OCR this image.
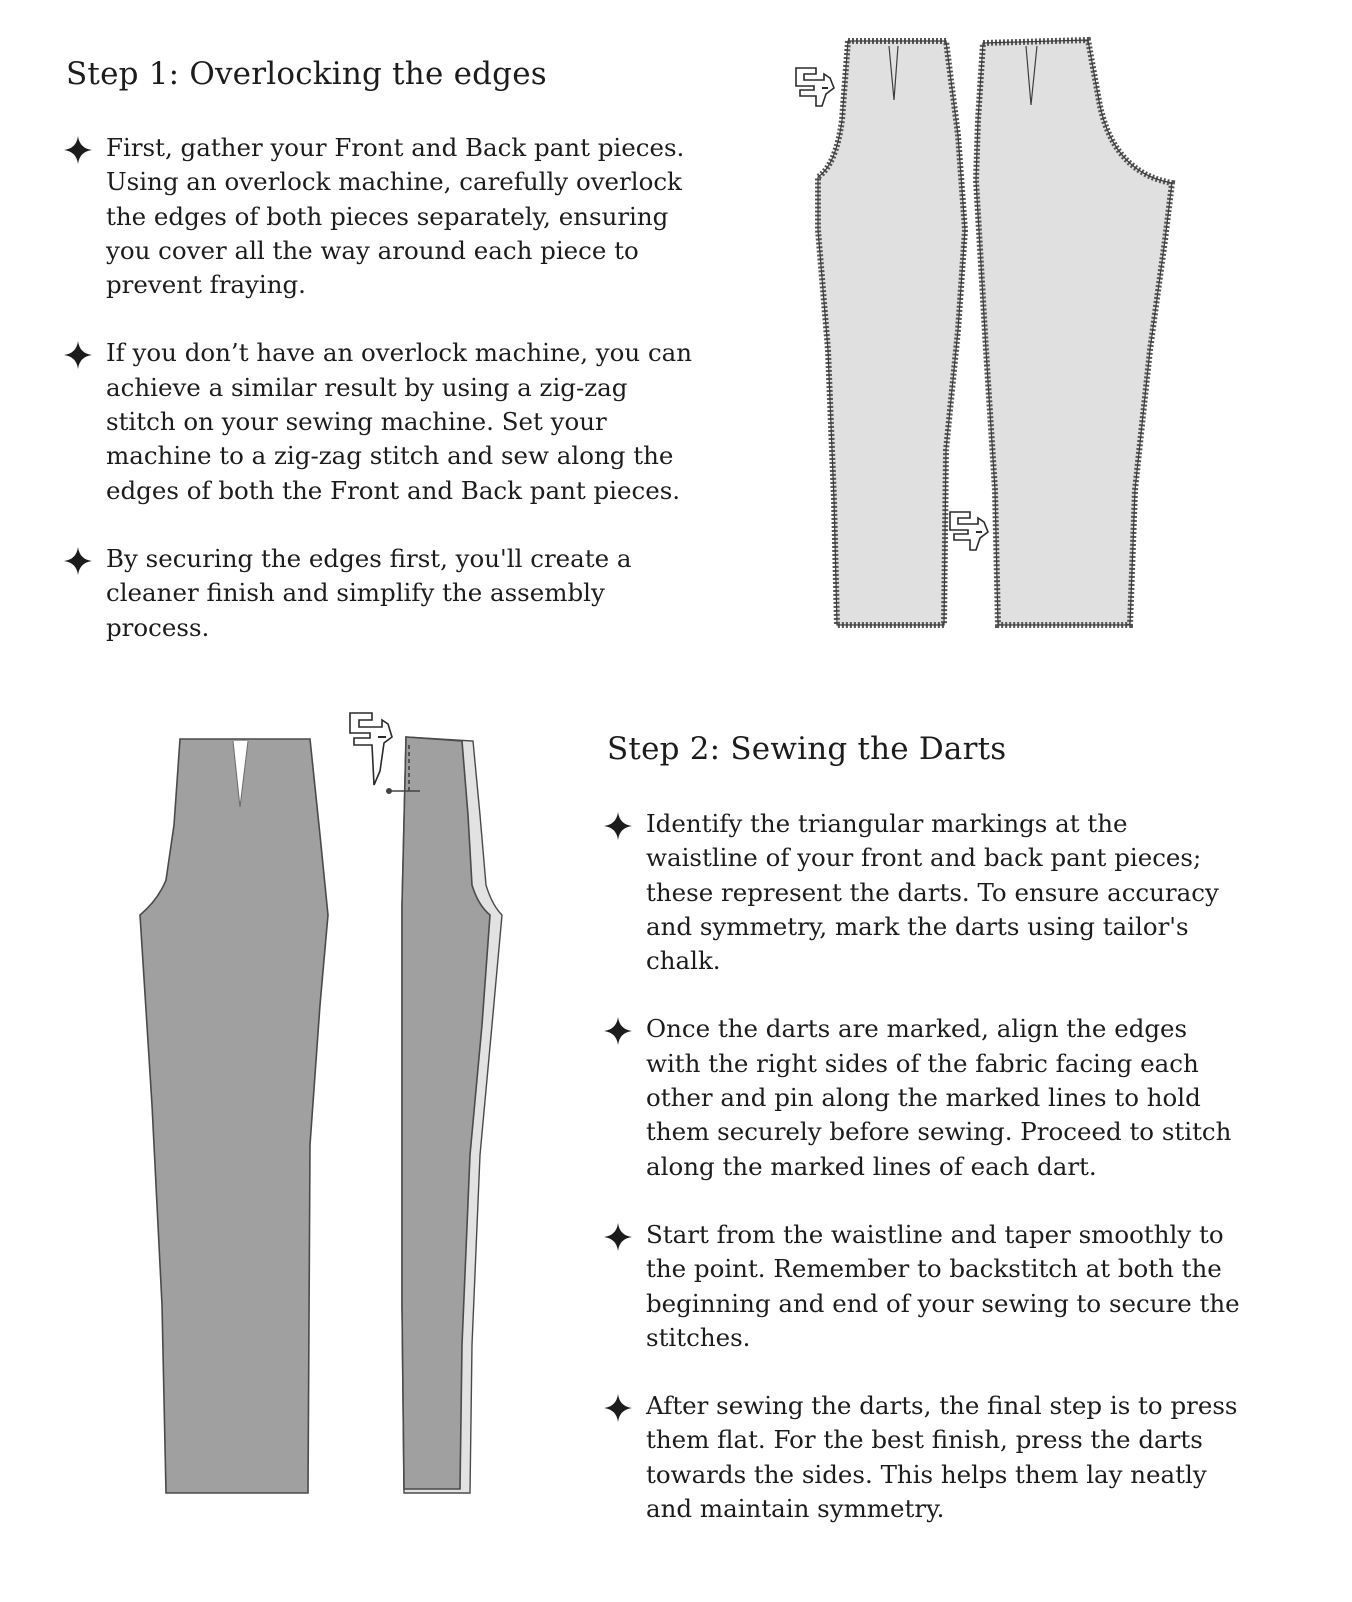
Step 1: Overlocking the edges
First, gather your Front and Back pant pieces. Using an overlock machine, carefully overlock the edges of both pieces separately, ensuring you cover all the way around each piece to prevent fraying.
If you don’t have an overlock machine, you can achieve a similar result by using a zig-zag stitch on your sewing machine. Set your machine to a zig-zag stitch and sew along the edges of both the Front and Back pant pieces.
By securing the edges first, you'll create a cleaner finish and simplify the assembly process.
Step 2: Sewing the Darts
Identify the triangular markings at the waistline of your front and back pant pieces; these represent the darts. To ensure accuracy and symmetry, mark the darts using tailor's chalk.
Once the darts are marked, align the edges with the right sides of the fabric facing each other and pin along the marked lines to hold them securely before sewing. Proceed to stitch along the marked lines of each dart.
Start from the waistline and taper smoothly to the point. Remember to backstitch at both the beginning and end of your sewing to secure the stitches.
After sewing the darts, the final step is to press them flat. For the best finish, press the darts towards the sides. This helps them lay neatly and maintain symmetry.
